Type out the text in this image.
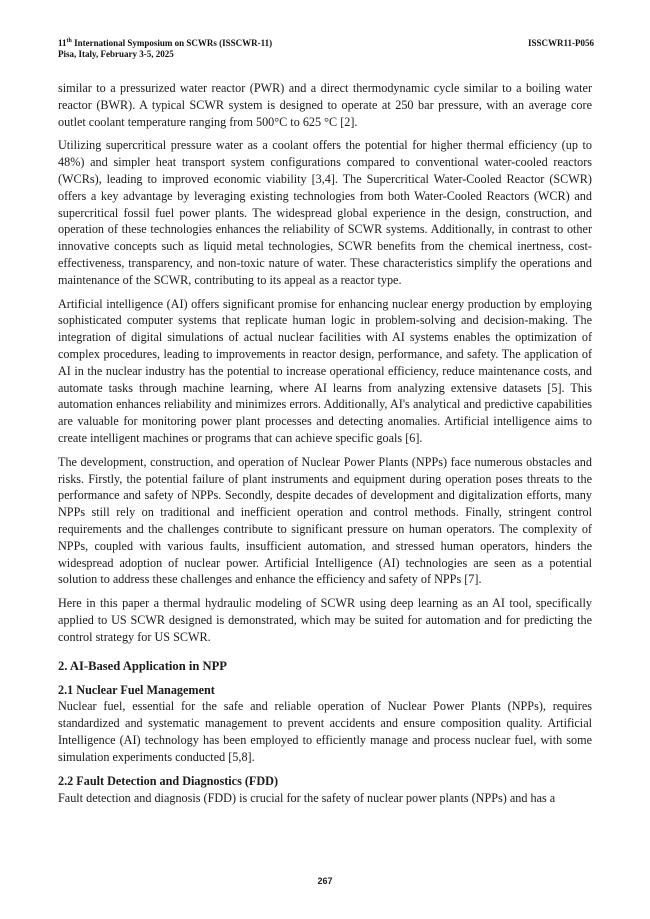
11th International Symposium on SCWRs (ISSCWR-11)
Pisa, Italy, February 3-5, 2025
ISSCWR11-P056

similar to a pressurized water reactor (PWR) and a direct thermodynamic cycle similar to a boiling water reactor (BWR). A typical SCWR system is designed to operate at 250 bar pressure, with an average core outlet coolant temperature ranging from 500°C to 625 °C [2].

Utilizing supercritical pressure water as a coolant offers the potential for higher thermal efficiency (up to 48%) and simpler heat transport system configurations compared to conventional water-cooled reactors (WCRs), leading to improved economic viability [3,4]. The Supercritical Water-Cooled Reactor (SCWR) offers a key advantage by leveraging existing technologies from both Water-Cooled Reactors (WCR) and supercritical fossil fuel power plants. The widespread global experience in the design, construction, and operation of these technologies enhances the reliability of SCWR systems. Additionally, in contrast to other innovative concepts such as liquid metal technologies, SCWR benefits from the chemical inertness, cost-effectiveness, transparency, and non-toxic nature of water. These characteristics simplify the operations and maintenance of the SCWR, contributing to its appeal as a reactor type.

Artificial intelligence (AI) offers significant promise for enhancing nuclear energy production by employing sophisticated computer systems that replicate human logic in problem-solving and decision-making. The integration of digital simulations of actual nuclear facilities with AI systems enables the optimization of complex procedures, leading to improvements in reactor design, performance, and safety. The application of AI in the nuclear industry has the potential to increase operational efficiency, reduce maintenance costs, and automate tasks through machine learning, where AI learns from analyzing extensive datasets [5]. This automation enhances reliability and minimizes errors. Additionally, AI's analytical and predictive capabilities are valuable for monitoring power plant processes and detecting anomalies. Artificial intelligence aims to create intelligent machines or programs that can achieve specific goals [6].

The development, construction, and operation of Nuclear Power Plants (NPPs) face numerous obstacles and risks. Firstly, the potential failure of plant instruments and equipment during operation poses threats to the performance and safety of NPPs. Secondly, despite decades of development and digitalization efforts, many NPPs still rely on traditional and inefficient operation and control methods. Finally, stringent control requirements and the challenges contribute to significant pressure on human operators. The complexity of NPPs, coupled with various faults, insufficient automation, and stressed human operators, hinders the widespread adoption of nuclear power. Artificial Intelligence (AI) technologies are seen as a potential solution to address these challenges and enhance the efficiency and safety of NPPs [7].

Here in this paper a thermal hydraulic modeling of SCWR using deep learning as an AI tool, specifically applied to US SCWR designed is demonstrated, which may be suited for automation and for predicting the control strategy for US SCWR.

2. AI-Based Application in NPP
2.1 Nuclear Fuel Management

Nuclear fuel, essential for the safe and reliable operation of Nuclear Power Plants (NPPs), requires standardized and systematic management to prevent accidents and ensure composition quality. Artificial Intelligence (AI) technology has been employed to efficiently manage and process nuclear fuel, with some simulation experiments conducted [5,8].

2.2 Fault Detection and Diagnostics (FDD)

Fault detection and diagnosis (FDD) is crucial for the safety of nuclear power plants (NPPs) and has a

267
